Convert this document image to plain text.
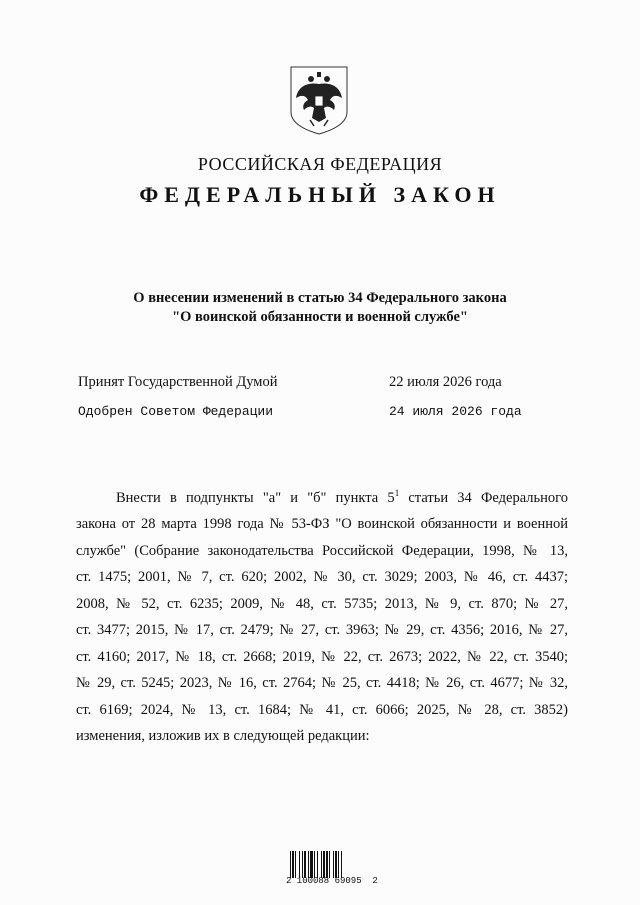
РОССИЙСКАЯ ФЕДЕРАЦИЯ
ФЕДЕРАЛЬНЫЙ ЗАКОН
О внесении изменений в статью 34 Федерального закона
"О воинской обязанности и военной службе"
Принят Государственной Думой	22 июля 2026 года
Одобрен Советом Федерации	24 июля 2026 года
Внести в подпункты "а" и "б" пункта $5^1$ статьи 34 Федерального
закона от 28 марта 1998 года № 53-ФЗ "О воинской обязанности и военной
службе" (Собрание законодательства Российской Федерации, 1998, № 13,
ст. 1475; 2001, № 7, ст. 620; 2002, № 30, ст. 3029; 2003, № 46, ст. 4437;
2008, № 52, ст. 6235; 2009, № 48, ст. 5735; 2013, № 9, ст. 870; № 27,
ст. 3477; 2015, № 17, ст. 2479; № 27, ст. 3963; № 29, ст. 4356; 2016, № 27,
ст. 4160; 2017, № 18, ст. 2668; 2019, № 22, ст. 2673; 2022, № 22, ст. 3540;
№ 29, ст. 5245; 2023, № 16, ст. 2764; № 25, ст. 4418; № 26, ст. 4677; № 32,
ст. 6169; 2024, № 13, ст. 1684; № 41, ст. 6066; 2025, № 28, ст. 3852)
изменения, изложив их в следующей редакции:
2 100088 69095  2
